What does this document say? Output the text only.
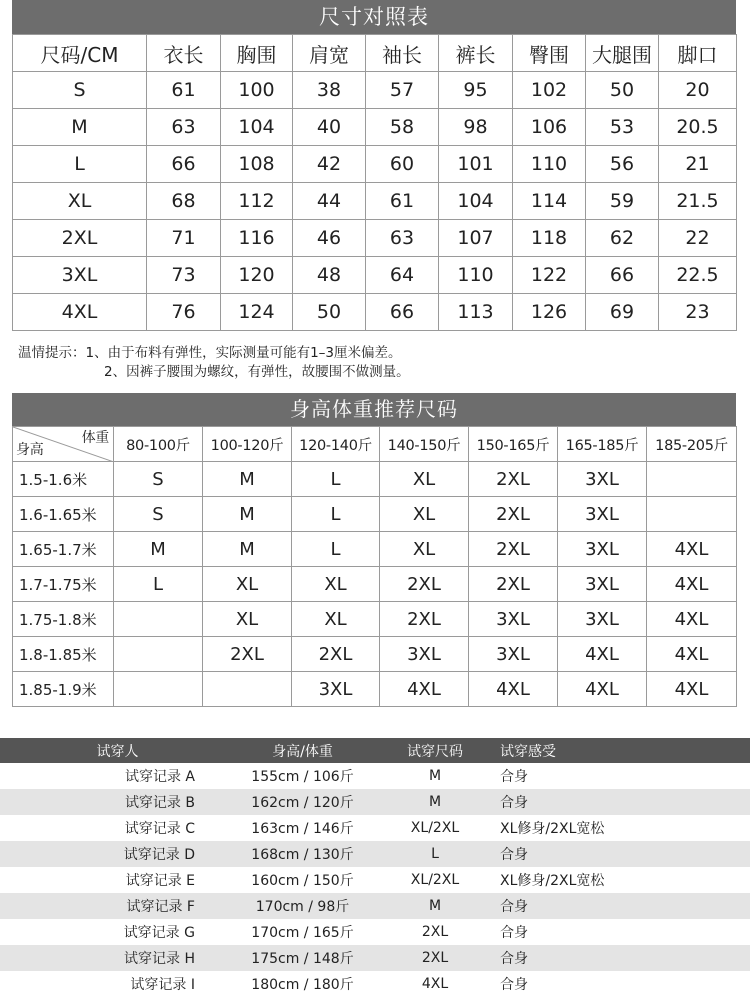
尺寸对照表
尺码/CM	衣长	胸围	肩宽	袖长	裤长	臀围	大腿围	脚口
S	61	100	38	57	95	102	50	20
M	63	104	40	58	98	106	53	20.5
L	66	108	42	60	101	110	56	21
XL	68	112	44	61	104	114	59	21.5
2XL	71	116	46	63	107	118	62	22
3XL	73	120	48	64	110	122	66	22.5
4XL	76	124	50	66	113	126	69	23
温情提示：1、由于布料有弹性，实际测量可能有1–3厘米偏差。
2、因裤子腰围为螺纹，有弹性，故腰围不做测量。
身高体重推荐尺码
体重
身高	80-100斤	100-120斤	120-140斤	140-150斤	150-165斤	165-185斤	185-205斤
1.5-1.6米	S	M	L	XL	2XL	3XL	
1.6-1.65米	S	M	L	XL	2XL	3XL	
1.65-1.7米	M	M	L	XL	2XL	3XL	4XL
1.7-1.75米	L	XL	XL	2XL	2XL	3XL	4XL
1.75-1.8米		XL	XL	2XL	3XL	3XL	4XL
1.8-1.85米		2XL	2XL	3XL	3XL	4XL	4XL
1.85-1.9米			3XL	4XL	4XL	4XL	4XL
试穿人	身高/体重	试穿尺码	试穿感受
试穿记录 A	155cm / 106斤	M	合身
试穿记录 B	162cm / 120斤	M	合身
试穿记录 C	163cm / 146斤	XL/2XL	XL修身/2XL宽松
试穿记录 D	168cm / 130斤	L	合身
试穿记录 E	160cm / 150斤	XL/2XL	XL修身/2XL宽松
试穿记录 F	170cm / 98斤	M	合身
试穿记录 G	170cm / 165斤	2XL	合身
试穿记录 H	175cm / 148斤	2XL	合身
试穿记录 I	180cm / 180斤	4XL	合身
